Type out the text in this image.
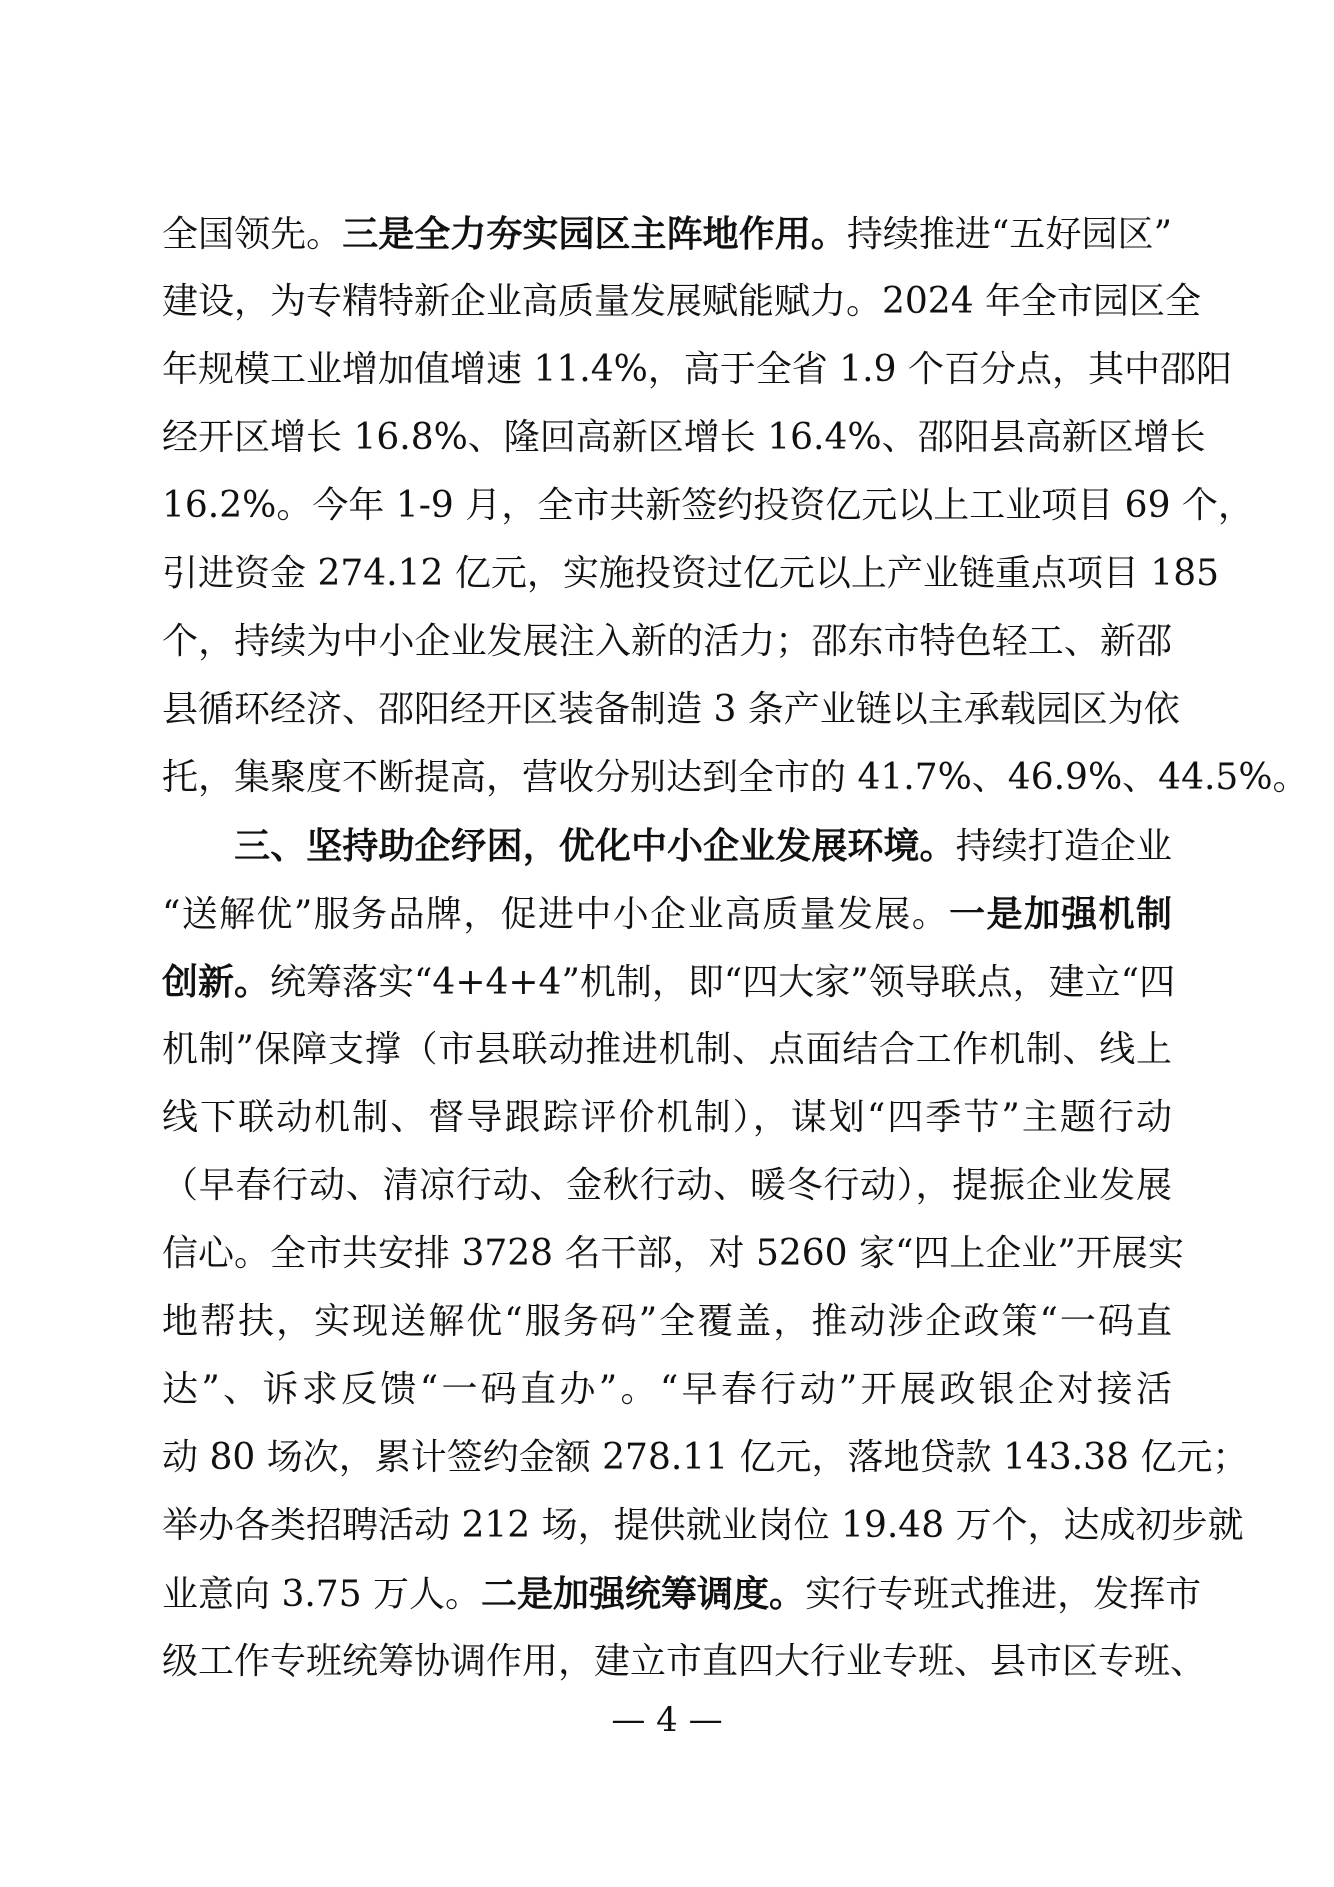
全国领先。三是全力夯实园区主阵地作用。持续推进“五好园区”
建设，为专精特新企业高质量发展赋能赋力。2024 年全市园区全
年规模工业增加值增速 11.4%，高于全省 1.9 个百分点，其中邵阳
经开区增长 16.8%、隆回高新区增长 16.4%、邵阳县高新区增长
16.2%。今年 1-9 月，全市共新签约投资亿元以上工业项目 69 个，
引进资金 274.12 亿元，实施投资过亿元以上产业链重点项目 185
个，持续为中小企业发展注入新的活力；邵东市特色轻工、新邵
县循环经济、邵阳经开区装备制造 3 条产业链以主承载园区为依
托，集聚度不断提高，营收分别达到全市的 41.7%、46.9%、44.5%。
　　三、坚持助企纾困，优化中小企业发展环境。持续打造企业
“送解优”服务品牌，促进中小企业高质量发展。一是加强机制
创新。统筹落实“4+4+4”机制，即“四大家”领导联点，建立“四
机制”保障支撑（市县联动推进机制、点面结合工作机制、线上
线下联动机制、督导跟踪评价机制），谋划“四季节”主题行动
（早春行动、清凉行动、金秋行动、暖冬行动），提振企业发展
信心。全市共安排 3728 名干部，对 5260 家“四上企业”开展实
地帮扶，实现送解优“服务码”全覆盖，推动涉企政策“一码直
达”、诉求反馈“一码直办”。“早春行动”开展政银企对接活
动 80 场次，累计签约金额 278.11 亿元，落地贷款 143.38 亿元；
举办各类招聘活动 212 场，提供就业岗位 19.48 万个，达成初步就
业意向 3.75 万人。二是加强统筹调度。实行专班式推进，发挥市
级工作专班统筹协调作用，建立市直四大行业专班、县市区专班、
— 4 —
